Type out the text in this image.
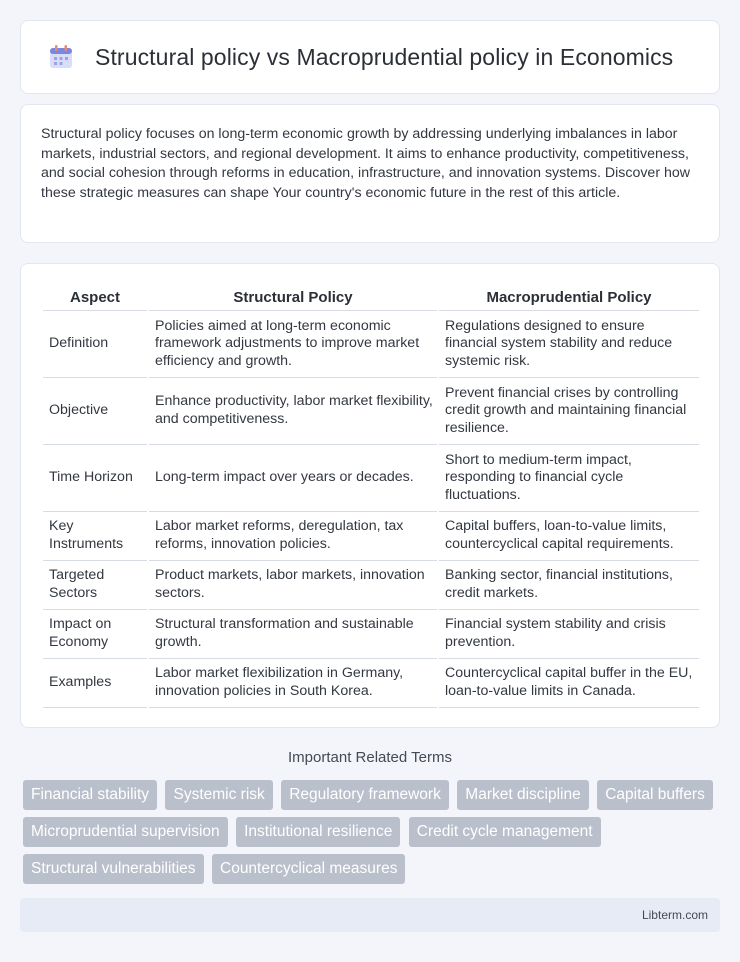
Structural policy vs Macroprudential policy in Economics

Structural policy focuses on long-term economic growth by addressing underlying imbalances in labor markets, industrial sectors, and regional development. It aims to enhance productivity, competitiveness, and social cohesion through reforms in education, infrastructure, and innovation systems. Discover how these strategic measures can shape Your country's economic future in the rest of this article.

Aspect	Structural Policy	Macroprudential Policy
Definition	Policies aimed at long-term economic framework adjustments to improve market efficiency and growth.	Regulations designed to ensure financial system stability and reduce systemic risk.
Objective	Enhance productivity, labor market flexibility, and competitiveness.	Prevent financial crises by controlling credit growth and maintaining financial resilience.
Time Horizon	Long-term impact over years or decades.	Short to medium-term impact, responding to financial cycle fluctuations.
Key Instruments	Labor market reforms, deregulation, tax reforms, innovation policies.	Capital buffers, loan-to-value limits, countercyclical capital requirements.
Targeted Sectors	Product markets, labor markets, innovation sectors.	Banking sector, financial institutions, credit markets.
Impact on Economy	Structural transformation and sustainable growth.	Financial system stability and crisis prevention.
Examples	Labor market flexibilization in Germany, innovation policies in South Korea.	Countercyclical capital buffer in the EU, loan-to-value limits in Canada.
Important Related Terms
Financial stability Systemic risk Regulatory framework Market discipline Capital buffers Microprudential supervision Institutional resilience Credit cycle management Structural vulnerabilities Countercyclical measures
Libterm.com
